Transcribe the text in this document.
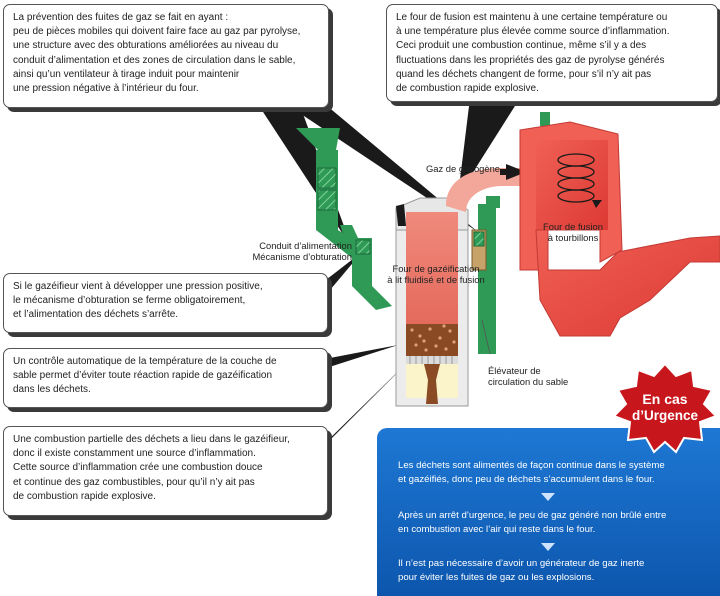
La prévention des fuites de gaz se fait en ayant :
peu de pièces mobiles qui doivent faire face au gaz par pyrolyse,
une structure avec des obturations améliorées au niveau du
conduit d’alimentation et des zones de circulation dans le sable,
ainsi qu’un ventilateur à tirage induit pour maintenir
une pression négative à l’intérieur du four.
Le four de fusion est maintenu à une certaine température ou
à une température plus élevée comme source d’inflammation.
Ceci produit une combustion continue, même s’il y a des
fluctuations dans les propriétés des gaz de pyrolyse générés
quand les déchets changent de forme, pour s’il n’y ait pas
de combustion rapide explosive.
Si le gazéifieur vient à développer une pression positive,
le mécanisme d’obturation se ferme obligatoirement,
et l’alimentation des déchets s’arrête.
Un contrôle automatique de la température de la couche de
sable permet d’éviter toute réaction rapide de gazéification
dans les déchets.
Une combustion partielle des déchets a lieu dans le gazéifieur,
donc il existe constamment une source d’inflammation.
Cette source d’inflammation crée une combustion douce
et continue des gaz combustibles, pour qu’il n’y ait pas
de combustion rapide explosive.
Conduit d’alimentation
Mécanisme d’obturation
Four de gazéification
à lit fluidisé et de fusion
Gaz de gazogène
Four de fusion
à tourbillons
Élévateur de
circulation du sable
Les déchets sont alimentés de façon continue dans le système
et gazéifiés, donc peu de déchets s’accumulent dans le four.
Après un arrêt d’urgence, le peu de gaz généré non brûlé entre
en combustion avec l’air qui reste dans le four.
Il n’est pas nécessaire d’avoir un générateur de gaz inerte
pour éviter les fuites de gaz ou les explosions.
En cas
d’Urgence
